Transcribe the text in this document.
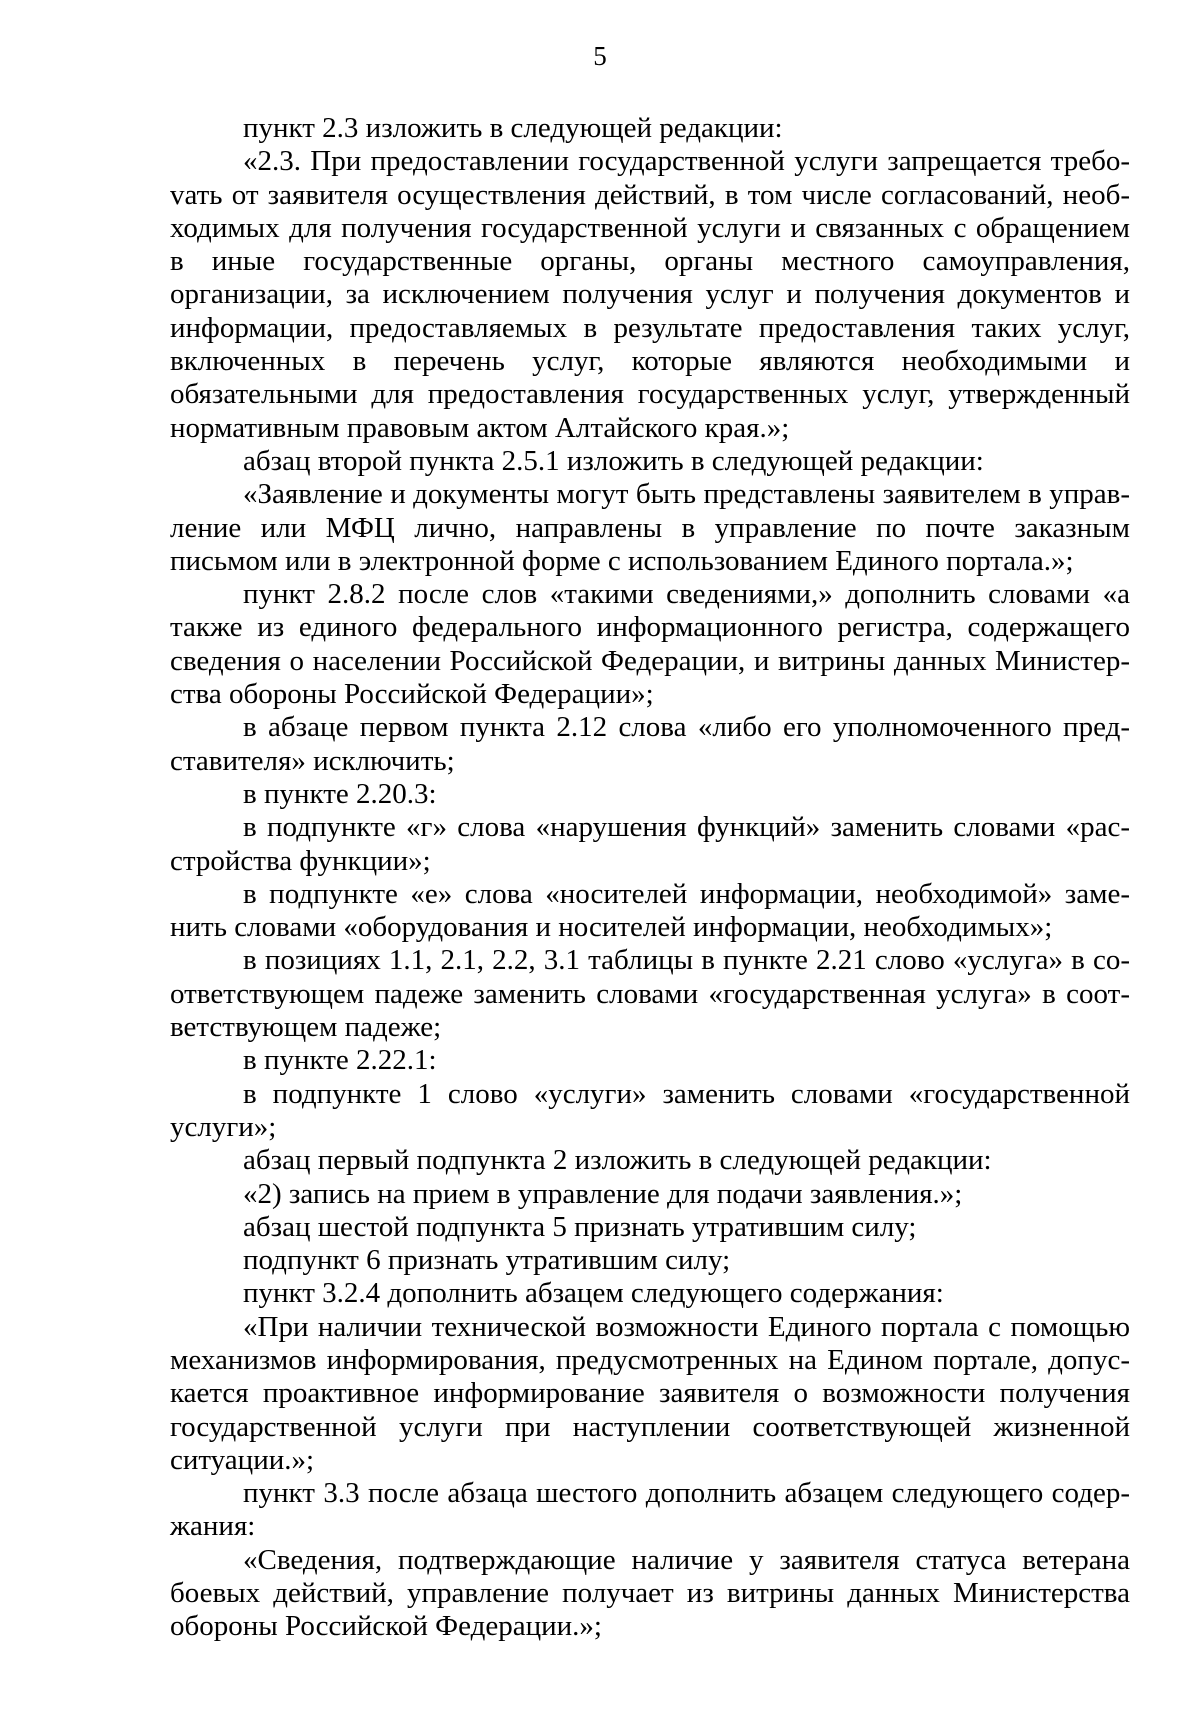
5

пункт 2.3 изложить в следующей редакции:

«2.3. При предоставлении государственной услуги запрещается требоvать от заявителя осуществления действий, в том числе согласований, необходимых для получения государственной услуги и связанных с обращением в иные государственные органы, органы местного самоуправления, организации, за исключением получения услуг и получения документов и информации, предоставляемых в результате предоставления таких услуг, включенных в перечень услуг, которые являются необходимыми и обязательными для предоставления государственных услуг, утвержденный нормативным правовым актом Алтайского края.»;

абзац второй пункта 2.5.1 изложить в следующей редакции:

«Заявление и документы могут быть представлены заявителем в управление или МФЦ лично, направлены в управление по почте заказным письмом или в электронной форме с использованием Единого портала.»;

пункт 2.8.2 после слов «такими сведениями,» дополнить словами «а также из единого федерального информационного регистра, содержащего сведения о населении Российской Федерации, и витрины данных Министерства обороны Российской Федерации»;

в абзаце первом пункта 2.12 слова «либо его уполномоченного представителя» исключить;

в пункте 2.20.3:

в подпункте «г» слова «нарушения функций» заменить словами «расстройства функции»;

в подпункте «е» слова «носителей информации, необходимой» заменить словами «оборудования и носителей информации, необходимых»;

в позициях 1.1, 2.1, 2.2, 3.1 таблицы в пункте 2.21 слово «услуга» в соответствующем падеже заменить словами «государственная услуга» в соответствующем падеже;

в пункте 2.22.1:

в подпункте 1 слово «услуги» заменить словами «государственной услуги»;

абзац первый подпункта 2 изложить в следующей редакции:

«2) запись на прием в управление для подачи заявления.»;

абзац шестой подпункта 5 признать утратившим силу;

подпункт 6 признать утратившим силу;

пункт 3.2.4 дополнить абзацем следующего содержания:

«При наличии технической возможности Единого портала с помощью механизмов информирования, предусмотренных на Едином портале, допускается проактивное информирование заявителя о возможности получения государственной услуги при наступлении соответствующей жизненной ситуации.»;

пункт 3.3 после абзаца шестого дополнить абзацем следующего содержания:

«Сведения, подтверждающие наличие у заявителя статуса ветерана боевых действий, управление получает из витрины данных Министерства обороны Российской Федерации.»;
